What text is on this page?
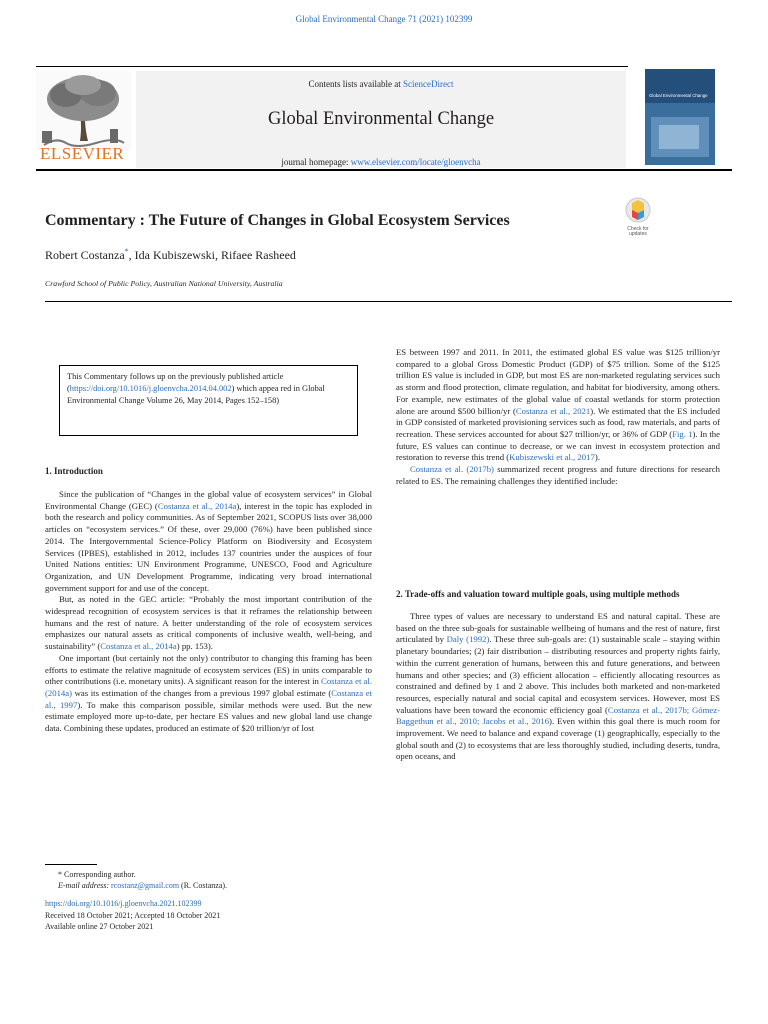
Global Environmental Change 71 (2021) 102399
ELSEVIER
Contents lists available at ScienceDirect
Global Environmental Change
journal homepage: www.elsevier.com/locate/gloenvcha
Global Environmental Change
Commentary : The Future of Changes in Global Ecosystem Services	Check for updates
Robert Costanza*, Ida Kubiszewski, Rifaee Rasheed
Crawford School of Public Policy, Australian National University, Australia
This Commentary follows up on the previously published article (https://doi.org/10.1016/j.gloenvcha.2014.04.002) which appea red in Global Environmental Change Volume 26, May 2014, Pages 152–158)
1. Introduction

Since the publication of “Changes in the global value of ecosystem services” in Global Environmental Change (GEC) (Costanza et al., 2014a), interest in the topic has exploded in both the research and policy communities. As of September 2021, SCOPUS lists over 38,000 articles on “ecosystem services.” Of these, over 29,000 (76%) have been published since 2014. The Intergovernmental Science-Policy Platform on Biodiversity and Ecosystem Services (IPBES), established in 2012, includes 137 countries under the auspices of four United Nations entities: UN Environment Programme, UNESCO, Food and Agriculture Organization, and UN Development Programme, indicating very broad international government support for and use of the concept.

But, as noted in the GEC article: “Probably the most important contribution of the widespread recognition of ecosystem services is that it reframes the relationship between humans and the rest of nature. A better understanding of the role of ecosystem services emphasizes our natural assets as critical components of inclusive wealth, well-being, and sustainability” (Costanza et al., 2014a) pp. 153).

One important (but certainly not the only) contributor to changing this framing has been efforts to estimate the relative magnitude of ecosystem services (ES) in units comparable to other contributions (i.e. monetary units). A significant reason for the interest in Costanza et al. (2014a) was its estimation of the changes from a previous 1997 global estimate (Costanza et al., 1997). To make this comparison possible, similar methods were used. But the new estimate employed more up-to-date, per hectare ES values and new global land use change data. Combining these updates, produced an estimate of $20 trillion/yr of lost

ES between 1997 and 2011. In 2011, the estimated global ES value was $125 trillion/yr compared to a global Gross Domestic Product (GDP) of $75 trillion. Some of the $125 trillion ES value is included in GDP, but most ES are non-marketed regulating services such as storm and flood protection, climate regulation, and habitat for biodiversity, among others. For example, new estimates of the global value of coastal wetlands for storm protection alone are around $500 billion/yr (Costanza et al., 2021). We estimated that the ES included in GDP consisted of marketed provisioning services such as food, raw materials, and parts of recreation. These services accounted for about $27 trillion/yr, or 36% of GDP (Fig. 1). In the future, ES values can continue to decrease, or we can invest in ecosystem protection and restoration to reverse this trend (Kubiszewski et al., 2017).

Costanza et al. (2017b) summarized recent progress and future directions for research related to ES. The remaining challenges they identified include:

2. Trade-offs and valuation toward multiple goals, using multiple methods

Three types of values are necessary to understand ES and natural capital. These are based on the three sub-goals for sustainable wellbeing of humans and the rest of nature, first articulated by Daly (1992). These three sub-goals are: (1) sustainable scale – staying within planetary boundaries; (2) fair distribution – distributing resources and property rights fairly, within the current generation of humans, between this and future generations, and between humans and other species; and (3) efficient allocation – efficiently allocating resources as constrained and defined by 1 and 2 above. This includes both marketed and non-marketed resources, especially natural and social capital and ecosystem services. However, most ES valuations have been toward the economic efficiency goal (Costanza et al., 2017b; Gómez-Baggethun et al., 2010; Jacobs et al., 2016). Even within this goal there is much room for improvement. We need to balance and expand coverage (1) geographically, especially to the global south and (2) to ecosystems that are less thoroughly studied, including deserts, tundra, open oceans, and

* Corresponding author.
E-mail address: rcostanz@gmail.com (R. Costanza).
https://doi.org/10.1016/j.gloenvcha.2021.102399
Received 18 October 2021; Accepted 18 October 2021
Available online 27 October 2021
